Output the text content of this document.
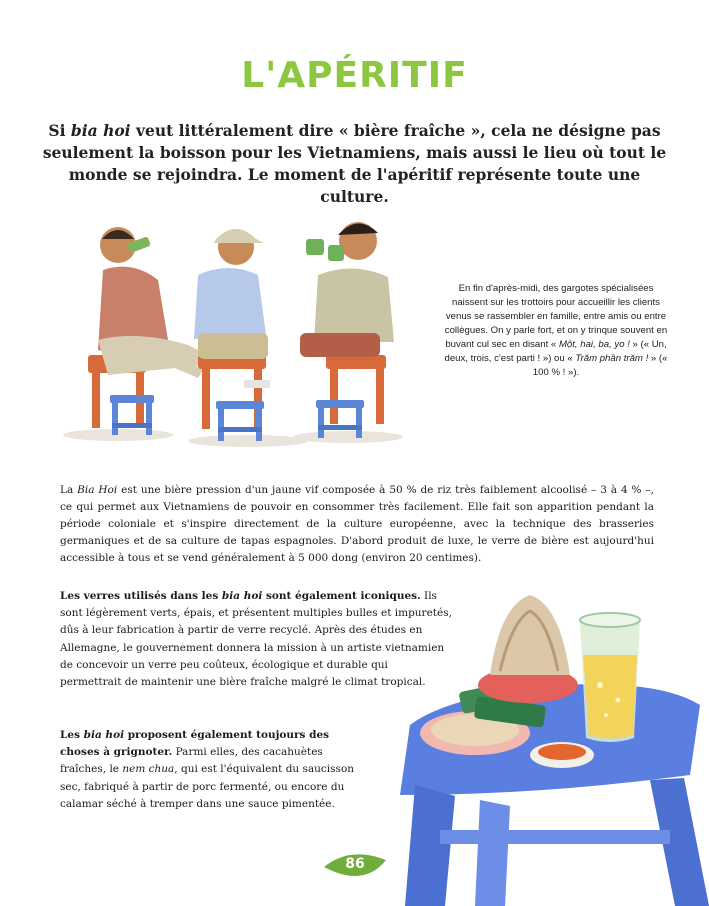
L'APÉRITIF

Si bia hoi veut littéralement dire « bière fraîche », cela ne désigne pas seulement la boisson pour les Vietnamiens, mais aussi le lieu où tout le monde se rejoindra. Le moment de l'apéritif représente toute une culture.

En fin d'après-midi, des gargotes spécialisées naissent sur les trottoirs pour accueillir les clients venus se rassembler en famille, entre amis ou entre collègues. On y parle fort, et on y trinque souvent en buvant cul sec en disant « Một, hai, ba, yo ! » (« Un, deux, trois, c'est parti ! ») ou « Trăm phần trăm ! » (« 100 % ! »).

La Bia Hoi est une bière pression d'un jaune vif composée à 50 % de riz très faiblement alcoolisé – 3 à 4 % –, ce qui permet aux Vietnamiens de pouvoir en consommer très facilement. Elle fait son apparition pendant la période coloniale et s'inspire directement de la culture européenne, avec la technique des brasseries germaniques et de sa culture de tapas espagnoles. D'abord produit de luxe, le verre de bière est aujourd'hui accessible à tous et se vend généralement à 5 000 dong (environ 20 centimes).

Les verres utilisés dans les bia hoi sont également iconiques. Ils sont légèrement verts, épais, et présentent multiples bulles et impuretés, dûs à leur fabrication à partir de verre recyclé. Après des études en Allemagne, le gouvernement donnera la mission à un artiste vietnamien de concevoir un verre peu coûteux, écologique et durable qui permettrait de maintenir une bière fraîche malgré le climat tropical.

Les bia hoi proposent également toujours des choses à grignoter. Parmi elles, des cacahuètes fraîches, le nem chua, qui est l'équivalent du saucisson sec, fabriqué à partir de porc fermenté, ou encore du calamar séché à tremper dans une sauce pimentée.

86
